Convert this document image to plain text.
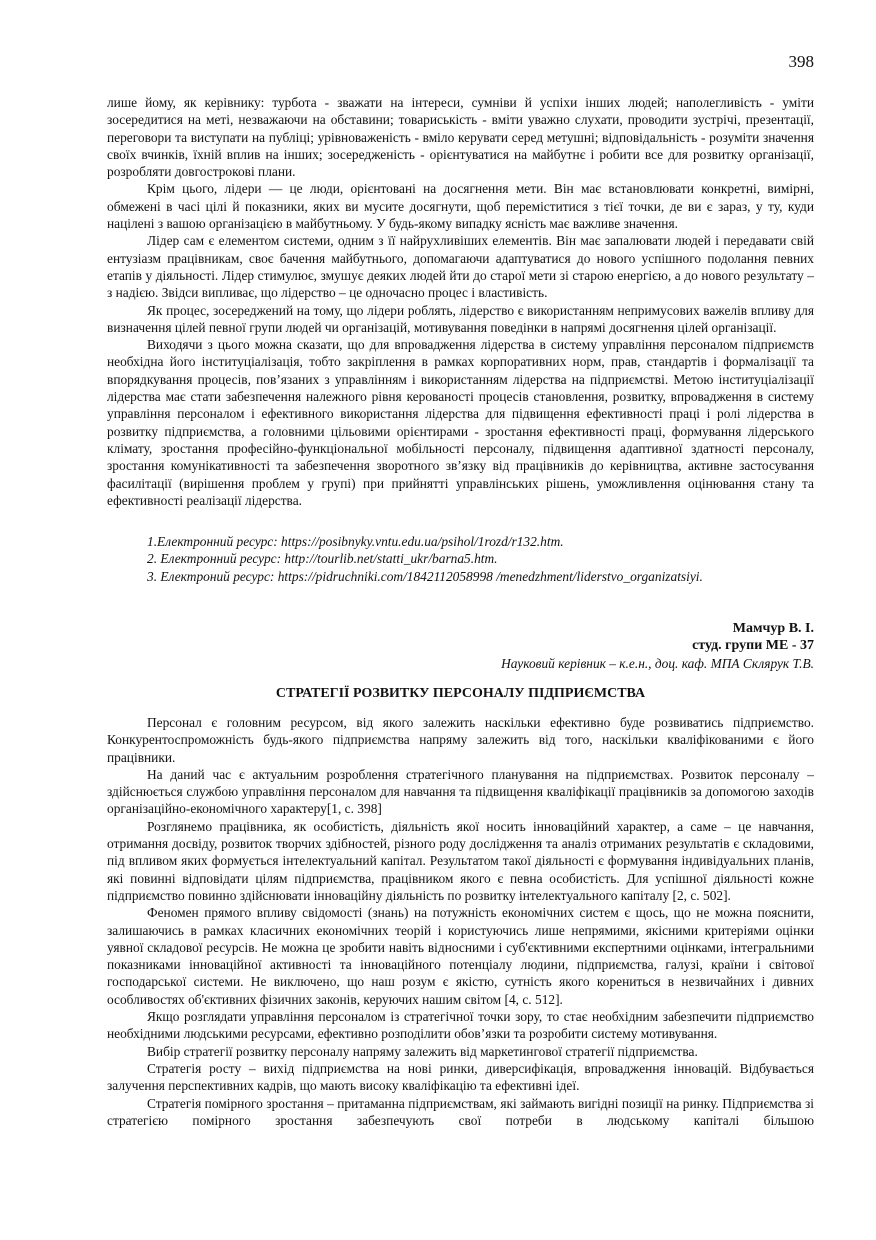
398

лише йому, як керівнику: турбота - зважати на інтереси, сумніви й успіхи інших людей; наполегливість - уміти зосередитися на меті, незважаючи на обставини; товариськість - вміти уважно слухати, проводити зустрічі, презентації, переговори та виступати на публіці; урівноваженість - вміло керувати серед метушні; відповідальність - розуміти значення своїх вчинків, їхній вплив на інших; зосередженість - орієнтуватися на майбутнє і робити все для розвитку організації, розробляти довгострокові плани.

Крім цього, лідери — це люди, орієнтовані на досягнення мети. Він має встановлювати конкретні, вимірні, обмежені в часі цілі й показники, яких ви мусите досягнути, щоб переміститися з тієї точки, де ви є зараз, у ту, куди націлені з вашою організацією в майбутньому. У будь-якому випадку ясність має важливе значення.

Лідер сам є елементом системи, одним з її найрухливіших елементів. Він має запалювати людей і передавати свій ентузіазм працівникам, своє бачення майбутнього, допомагаючи адаптуватися до нового успішного подолання певних етапів у діяльності. Лідер стимулює, змушує деяких людей йти до старої мети зі старою енергією, а до нового результату – з надією. Звідси випливає, що лідерство – це одночасно процес і властивість.

Як процес, зосереджений на тому, що лідери роблять, лідерство є використанням непримусових важелів впливу для визначення цілей певної групи людей чи організацій, мотивування поведінки в напрямі досягнення цілей організації.

Виходячи з цього можна сказати, що для впровадження лідерства в систему управління персоналом підприємств необхідна його інституціалізація, тобто закріплення в рамках корпоративних норм, прав, стандартів і формалізації та впорядкування процесів, пов’язаних з управлінням і використанням лідерства на підприємстві. Метою інституціалізації лідерства має стати забезпечення належного рівня керованості процесів становлення, розвитку, впровадження в систему управління персоналом і ефективного використання лідерства для підвищення ефективності праці і ролі лідерства в розвитку підприємства, а головними цільовими орієнтирами - зростання ефективності праці, формування лідерського клімату, зростання професійно-функціональної мобільності персоналу, підвищення адаптивної здатності персоналу, зростання комунікативності та забезпечення зворотного зв’язку від працівників до керівництва, активне застосування фасилітації (вирішення проблем у групі) при прийнятті управлінських рішень, уможливлення оцінювання стану та ефективності реалізації лідерства.

1.Електронний ресурс: https://posibnyky.vntu.edu.ua/psihol/1rozd/r132.htm.

2. Електронний ресурс: http://tourlib.net/statti_ukr/barna5.htm.

3. Електроний ресурс: https://pidruchniki.com/1842112058998 /menedzhment/liderstvo_organizatsiyi.

Мамчур В. І.
студ. групи МЕ - 37
Науковий керівник – к.е.н., доц. каф. МПА Склярук Т.В.
СТРАТЕГІЇ РОЗВИТКУ ПЕРСОНАЛУ ПІДПРИЄМСТВА

Персонал є головним ресурсом, від якого залежить наскільки ефективно буде розвиватись підприємство. Конкурентоспроможність будь-якого підприємства напряму залежить від того, наскільки кваліфікованими є його працівники.

На даний час є актуальним розроблення стратегічного планування на підприємствах. Розвиток персоналу – здійснюється службою управління персоналом для навчання та підвищення кваліфікації працівників за допомогою заходів організаційно-економічного характеру[1, с. 398]

Розглянемо працівника, як особистість, діяльність якої носить інноваційний характер, а саме – це навчання, отримання досвіду, розвиток творчих здібностей, різного роду дослідження та аналіз отриманих результатів є складовими, під впливом яких формується інтелектуальний капітал. Результатом такої діяльності є формування індивідуальних планів, які повинні відповідати цілям підприємства, працівником якого є певна особистість. Для успішної діяльності кожне підприємство повинно здійснювати інноваційну діяльність по розвитку інтелектуального капіталу [2, с. 502].

Феномен прямого впливу свідомості (знань) на потужність економічних систем є щось, що не можна пояснити, залишаючись в рамках класичних економічних теорій і користуючись лише непрямими, якісними критеріями оцінки уявної складової ресурсів. Не можна це зробити навіть відносними і суб'єктивними експертними оцінками, інтегральними показниками інноваційної активності та інноваційного потенціалу людини, підприємства, галузі, країни і світової господарської системи. Не виключено, що наш розум є якістю, сутність якого корениться в незвичайних і дивних особливостях об'єктивних фізичних законів, керуючих нашим світом [4, с. 512].

Якщо розглядати управління персоналом із стратегічної точки зору, то стає необхідним забезпечити підприємство необхідними людськими ресурсами, ефективно розподілити обов’язки та розробити систему мотивування.

Вибір стратегії розвитку персоналу напряму залежить від маркетингової стратегії підприємства.

Стратегія росту – вихід підприємства на нові ринки, диверсифікація, впровадження інновацій. Відбувається залучення перспективних кадрів, що мають високу кваліфікацію та ефективні ідеї.

Стратегія помірного зростання – притаманна підприємствам, які займають вигідні позиції на ринку. Підприємства зі стратегією помірного зростання забезпечують свої потреби в людському капіталі більшою
